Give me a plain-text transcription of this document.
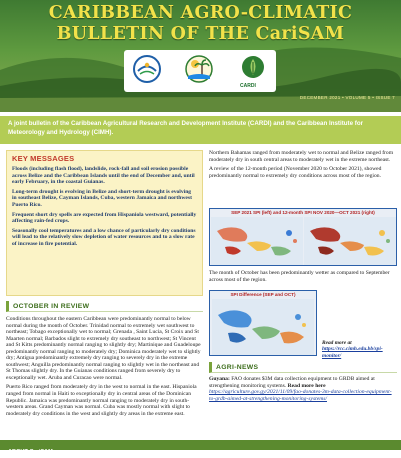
CARIBBEAN AGRO-CLIMATIC
BULLETIN OF THE CariSAM
CARDI
DECEMBER 2021 • VOLUME 5 • ISSUE 7

A joint bulletin of the Caribbean Agricultural Research and Development Institute (CARDI) and the Caribbean Institute for Meteorology and Hydrology (CIMH).

KEY MESSAGES

Floods (including flash flood), landslide, rock-fall and soil erosion possible across Belize and the Caribbean Islands until the end of December and, until early February, in the coastal Guianas.

Long-term drought is evolving in Belize and short-term drought is evolving in southeast Belize, Cayman Islands, Cuba, western Jamaica and northwest Puerto Rico.

Frequent short dry spells are expected from Hispaniola westward, potentially affecting rain-fed crops.

Seasonally cool temperatures and a low chance of particularly dry conditions will lead to the relatively slow depletion of water resources and to a slow rate of increase in fire potential.

Northern Bahamas ranged from moderately wet to normal and Belize ranged from moderately dry in south central areas to moderately wet in the extreme northeast.

A review of the 12-month period (November 2020 to October 2021), showed predominantly normal to extremely dry conditions across most of the region.

SEP 2021 SPI (left) and 12-month SPI NOV 2020—OCT 2021 (right)
The month of October has been predominantly wetter as compared to September across most of the region.
SPI Difference (SEP and OCT)
Read more at https://rcc.cimh.edu.bb/spi-monitor/
OCTOBER IN REVIEW

Conditions throughout the eastern Caribbean were predominantly normal to below normal during the month of October. Trinidad normal to extremely wet southwest to northeast; Tobago exceptionally wet to normal; Grenada , Saint Lucia, St Croix and St Maarten normal; Barbados slight to extremely dry southeast to northwest; St Vincent and St Kitts predominantly normal ranging to slightly dry; Martinique and Guadeloupe predominantly normal ranging to moderately dry; Dominica moderately wet to slightly dry; Antigua predominantly extremely dry ranging to severely dry in the extreme southwest; Anguilla predominantly normal ranging to slightly wet in the northeast and St Thomas slightly dry. In the Guianas conditions ranged from severely dry to exceptionally wet. Aruba and Curacao were normal.

Puerto Rico ranged from moderately dry in the west to normal in the east. Hispaniola ranged from normal in Haiti to exceptionally dry in central areas of the Dominican Republic. Jamaica was predominantly normal ranging to moderately dry in south-western areas. Grand Cayman was normal. Cuba was mostly normal with slight to moderately dry conditions in the west and slightly dry areas in the extreme east.

AGRI-NEWS
Guyana: FAO donates $3M data collection equipment to GRDB aimed at strengthening monitoring systems. Read more here https://agriculture.gov.gy/2021/11/09/fao-donates-3m-data-collection-equipment-to-grdb-aimed-at-strengthening-monitoring-systems/
ABOUT CariSAM
